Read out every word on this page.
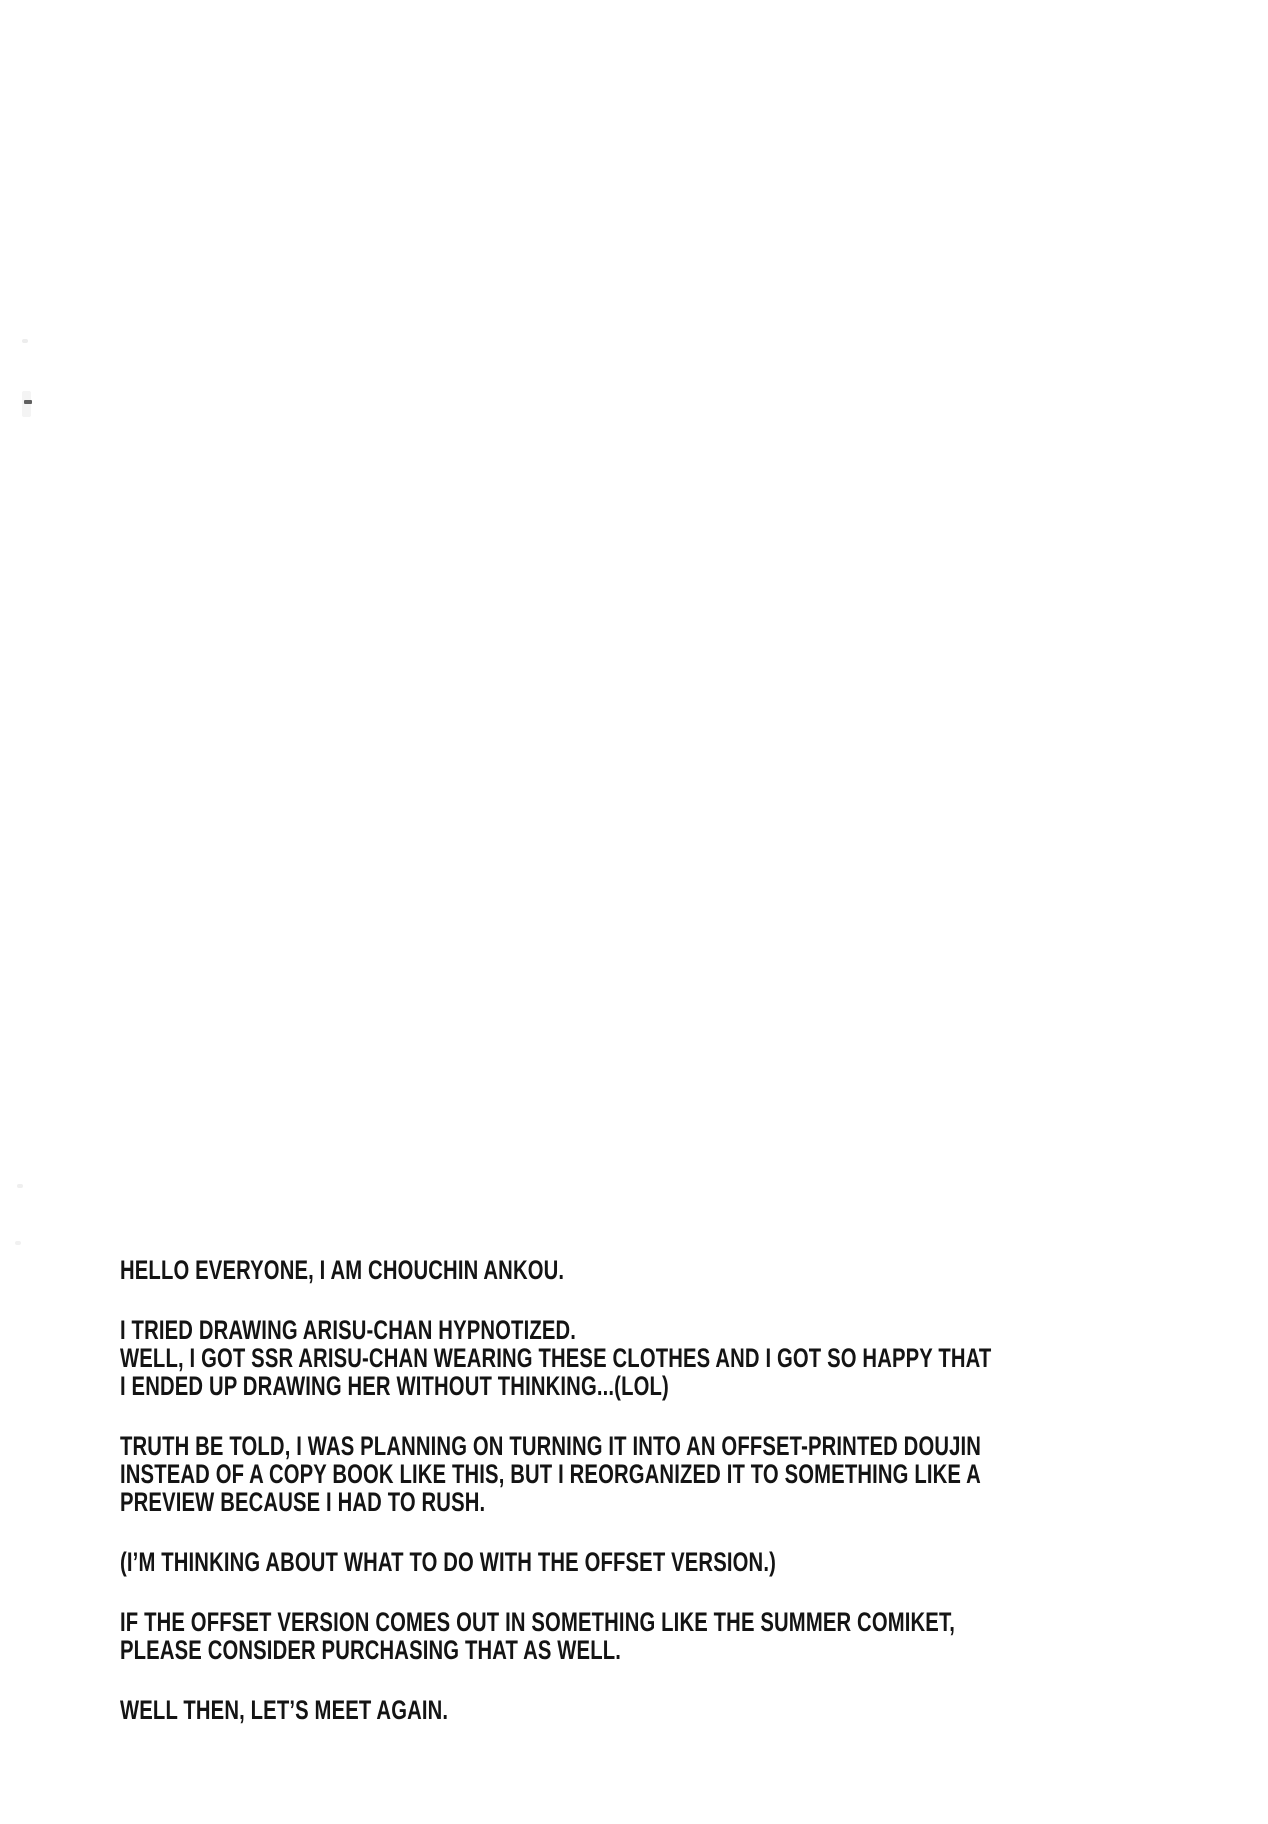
HELLO EVERYONE, I AM CHOUCHIN ANKOU.
I TRIED DRAWING ARISU-CHAN HYPNOTIZED.
WELL, I GOT SSR ARISU-CHAN WEARING THESE CLOTHES AND I GOT SO HAPPY THAT
I ENDED UP DRAWING HER WITHOUT THINKING...(LOL)
TRUTH BE TOLD, I WAS PLANNING ON TURNING IT INTO AN OFFSET-PRINTED DOUJIN
INSTEAD OF A COPY BOOK LIKE THIS, BUT I REORGANIZED IT TO SOMETHING LIKE A
PREVIEW BECAUSE I HAD TO RUSH.
(I’M THINKING ABOUT WHAT TO DO WITH THE OFFSET VERSION.)
IF THE OFFSET VERSION COMES OUT IN SOMETHING LIKE THE SUMMER COMIKET,
PLEASE CONSIDER PURCHASING THAT AS WELL.
WELL THEN, LET’S MEET AGAIN.
